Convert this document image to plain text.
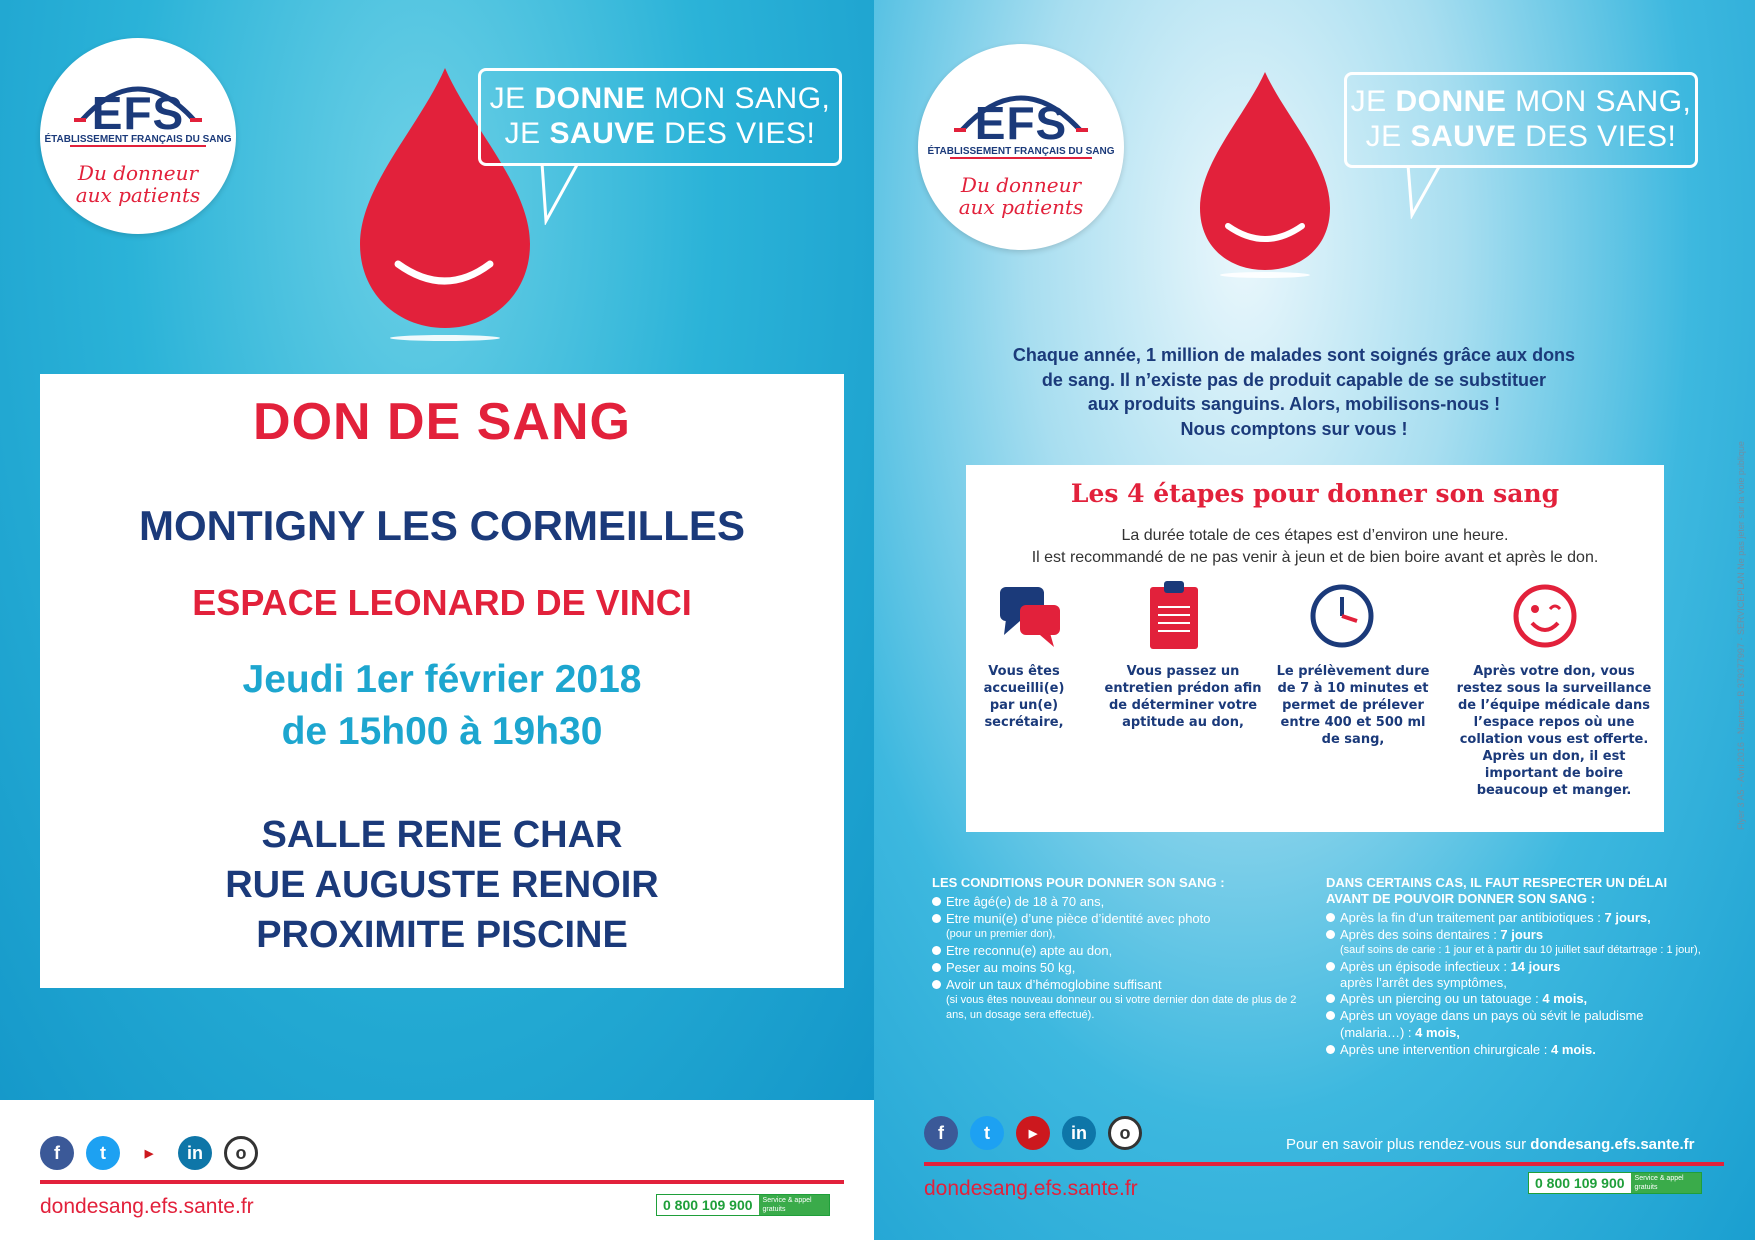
EFS
ÉTABLISSEMENT FRANÇAIS DU SANG
Du donneur
aux patients
JE DONNE MON SANG,
JE SAUVE DES VIES!
DON DE SANG
MONTIGNY LES CORMEILLES
ESPACE LEONARD DE VINCI
Jeudi 1er février 2018
de 15h00 à 19h30
SALLE RENE CHAR
RUE AUGUSTE RENOIR
PROXIMITE PISCINE
f	t	▶	in	o
dondesang.efs.sante.fr	0 800 109 900	Service & appel gratuits
EFS
ÉTABLISSEMENT FRANÇAIS DU SANG
Du donneur
aux patients
JE DONNE MON SANG,
JE SAUVE DES VIES!
Chaque année, 1 million de malades sont soignés grâce aux dons
de sang. Il n’existe pas de produit capable de se substituer
aux produits sanguins. Alors, mobilisons-nous !
Nous comptons sur vous !
Les 4 étapes pour donner son sang
La durée totale de ces étapes est d’environ une heure.
Il est recommandé de ne pas venir à jeun et de bien boire avant et après le don.
Vous êtes accueilli(e) par un(e) secrétaire,
Vous passez un entretien prédon afin de déterminer votre aptitude au don,
Le prélèvement dure de 7 à 10 minutes et permet de prélever entre 400 et 500 ml de sang,
Après votre don, vous restez sous la surveillance de l’équipe médicale dans l’espace repos où une collation vous est offerte. Après un don, il est important de boire beaucoup et manger.
LES CONDITIONS POUR DONNER SON SANG :
Etre âgé(e) de 18 à 70 ans,
Etre muni(e) d’une pièce d’identité avec photo
(pour un premier don),
Etre reconnu(e) apte au don,
Peser au moins 50 kg,
Avoir un taux d’hémoglobine suffisant
(si vous êtes nouveau donneur ou si votre dernier don date de plus de 2 ans, un dosage sera effectué).
DANS CERTAINS CAS, IL FAUT RESPECTER UN DÉLAI AVANT DE POUVOIR DONNER SON SANG :
Après la fin d’un traitement par antibiotiques : 7 jours,
Après des soins dentaires : 7 jours
(sauf soins de carie : 1 jour et à partir du 10 juillet sauf détartrage : 1 jour),
Après un épisode infectieux : 14 jours
après l’arrêt des symptômes,
Après un piercing ou un tatouage : 4 mois,
Après un voyage dans un pays où sévit le paludisme (malaria…) : 4 mois,
Après une intervention chirurgicale : 4 mois.
Flyer 3 A5 - Avril 2016 - Nanterre B 379377997 - SERVICEPLAN Ne pas jeter sur la voie publique
f	t	▶	in	o
Pour en savoir plus rendez-vous sur dondesang.efs.sante.fr
dondesang.efs.sante.fr	0 800 109 900	Service & appel gratuits
